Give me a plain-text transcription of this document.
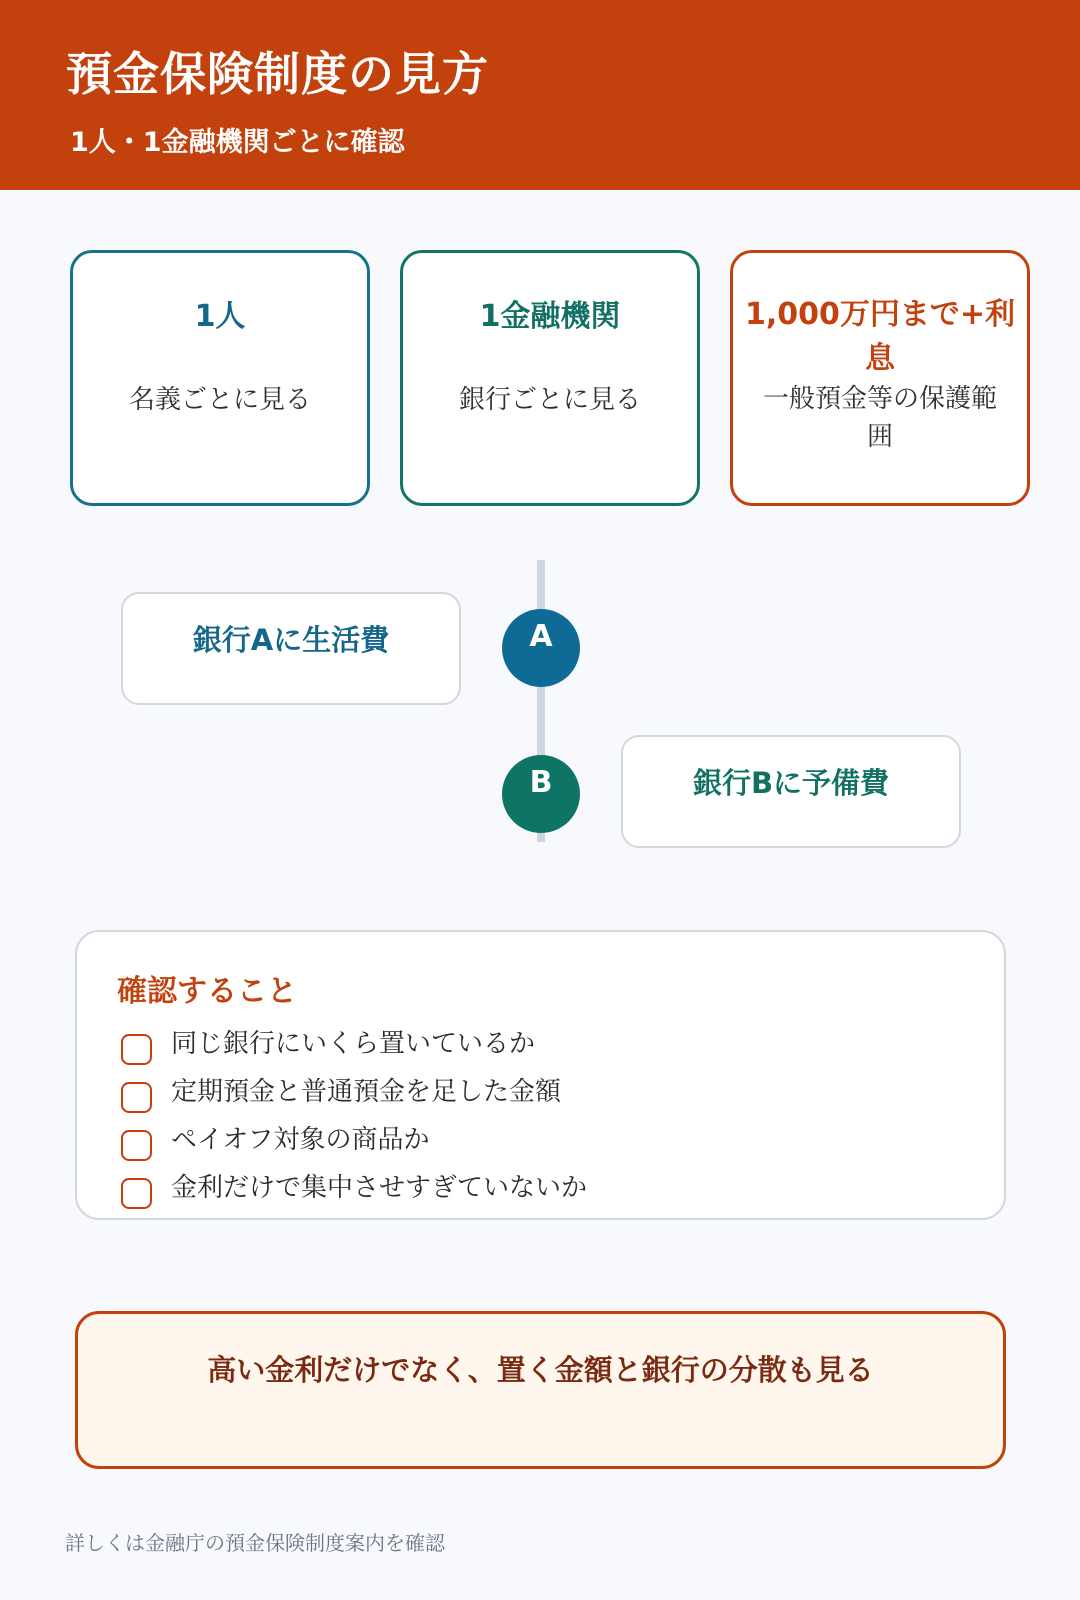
預金保険制度の見方
1人・1金融機関ごとに確認
1人
名義ごとに見る
1金融機関
銀行ごとに見る
1,000万円まで+利息
一般預金等の保護範囲
銀行Aに生活費	A
B	銀行Bに予備費
確認すること
同じ銀行にいくら置いているか
定期預金と普通預金を足した金額
ペイオフ対象の商品か
金利だけで集中させすぎていないか
高い金利だけでなく、置く金額と銀行の分散も見る
詳しくは金融庁の預金保険制度案内を確認
